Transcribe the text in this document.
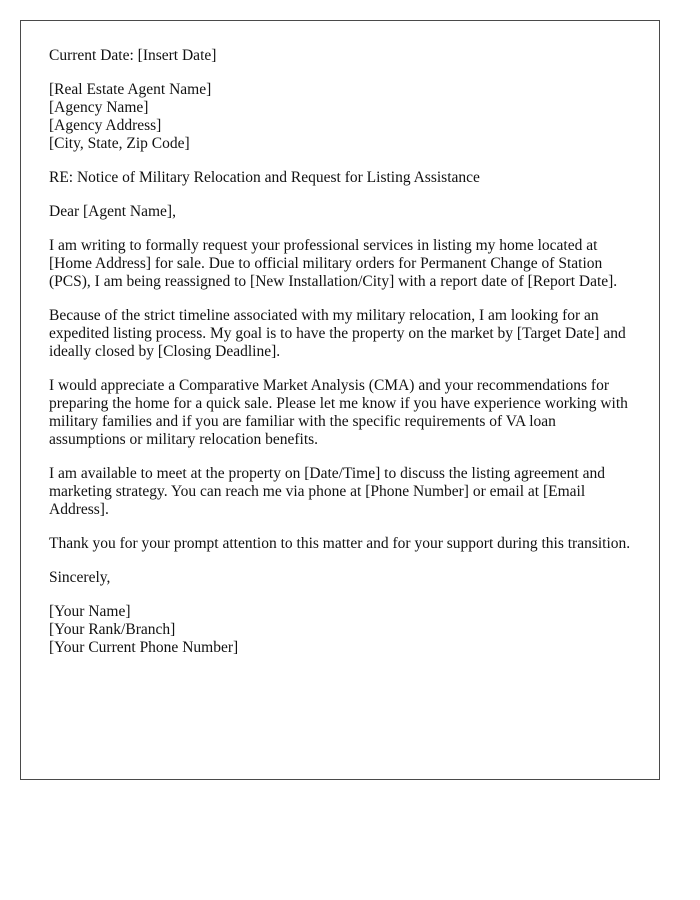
Current Date: [Insert Date]
[Real Estate Agent Name]
[Agency Name]
[Agency Address]
[City, State, Zip Code]
RE: Notice of Military Relocation and Request for Listing Assistance
Dear [Agent Name],

I am writing to formally request your professional services in listing my home located at [Home Address] for sale. Due to official military orders for Permanent Change of Station (PCS), I am being reassigned to [New Installation/City] with a report date of [Report Date].

Because of the strict timeline associated with my military relocation, I am looking for an expedited listing process. My goal is to have the property on the market by [Target Date] and ideally closed by [Closing Deadline].

I would appreciate a Comparative Market Analysis (CMA) and your recommendations for preparing the home for a quick sale. Please let me know if you have experience working with military families and if you are familiar with the specific requirements of VA loan assumptions or military relocation benefits.

I am available to meet at the property on [Date/Time] to discuss the listing agreement and marketing strategy. You can reach me via phone at [Phone Number] or email at [Email Address].

Thank you for your prompt attention to this matter and for your support during this transition.

Sincerely,
[Your Name]
[Your Rank/Branch]
[Your Current Phone Number]
